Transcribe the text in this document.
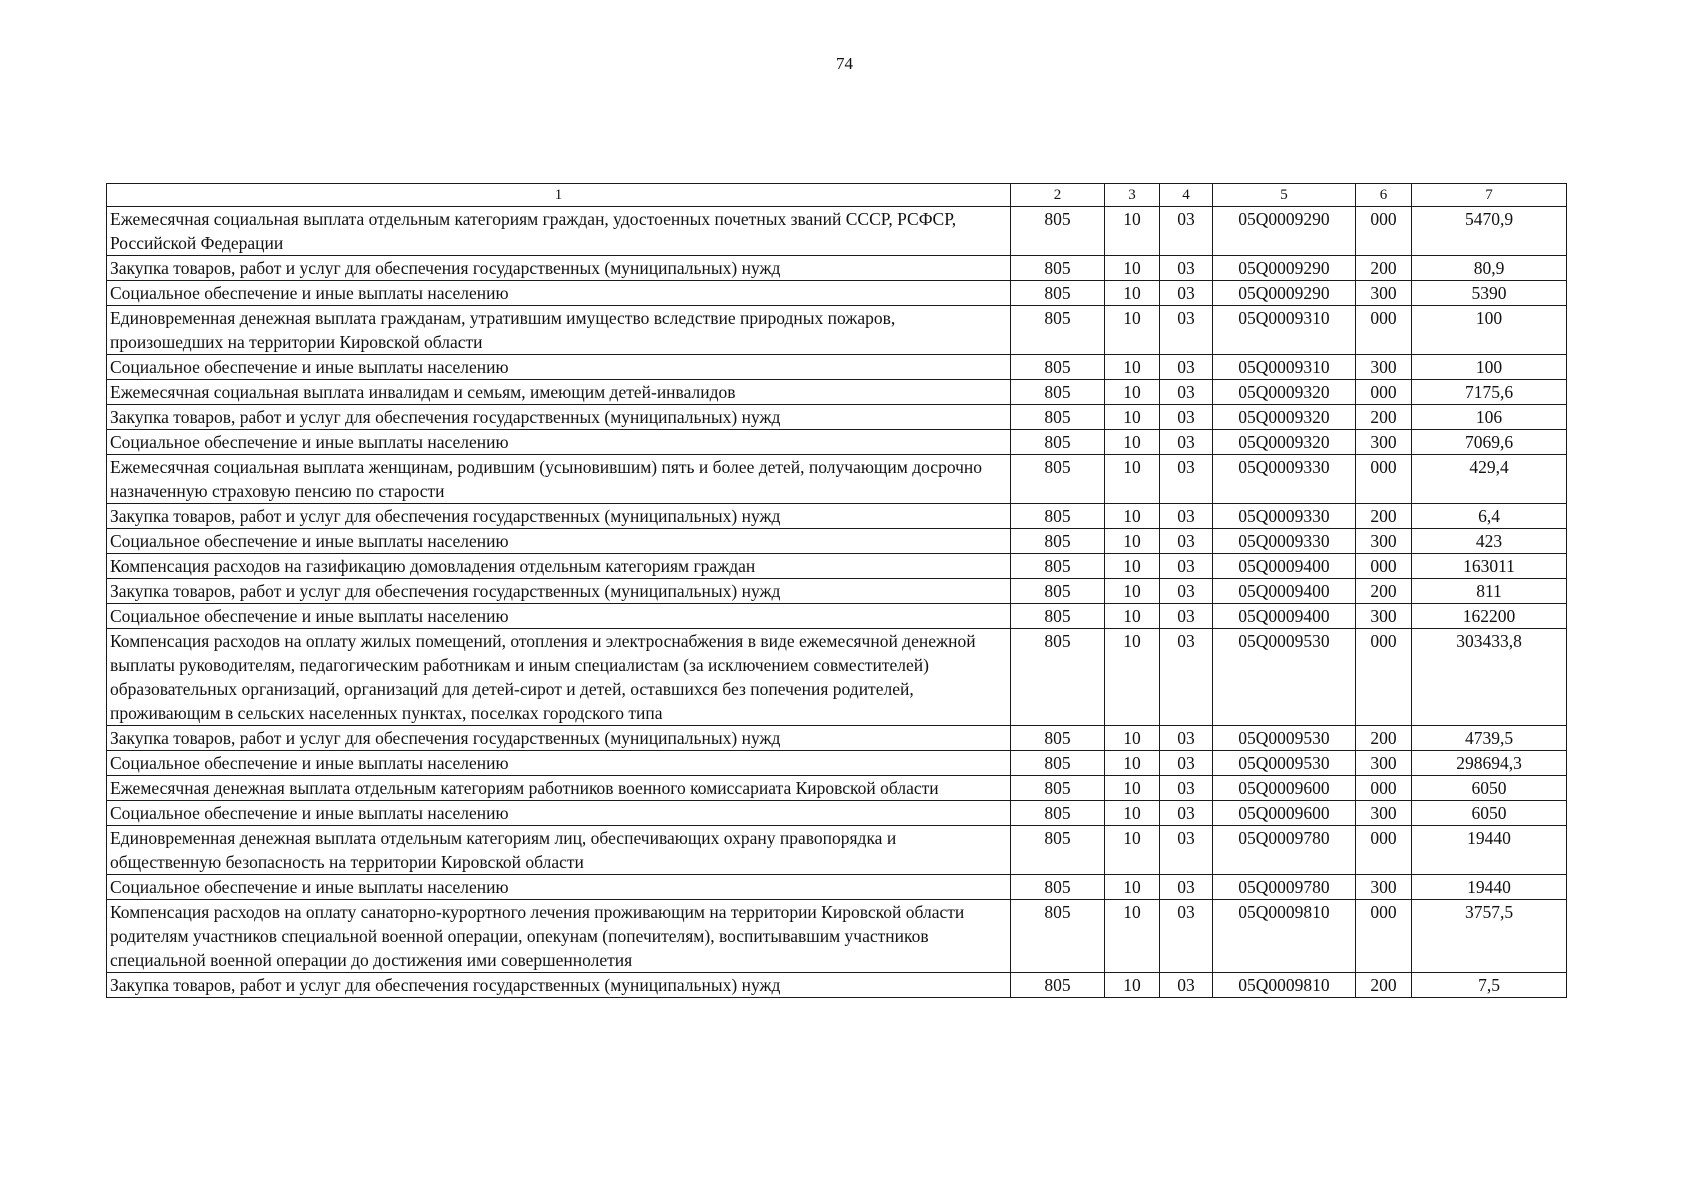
74
1	2	3	4	5	6	7
Ежемесячная социальная выплата отдельным категориям граждан, удостоенных почетных званий СССР, РСФСР, Российской Федерации	805	10	03	05Q0009290	000	5470,9
Закупка товаров, работ и услуг для обеспечения государственных (муниципальных) нужд	805	10	03	05Q0009290	200	80,9
Социальное обеспечение и иные выплаты населению	805	10	03	05Q0009290	300	5390
Единовременная денежная выплата гражданам, утратившим имущество вследствие природных пожаров, произошедших на территории Кировской области	805	10	03	05Q0009310	000	100
Социальное обеспечение и иные выплаты населению	805	10	03	05Q0009310	300	100
Ежемесячная социальная выплата инвалидам и семьям, имеющим детей-инвалидов	805	10	03	05Q0009320	000	7175,6
Закупка товаров, работ и услуг для обеспечения государственных (муниципальных) нужд	805	10	03	05Q0009320	200	106
Социальное обеспечение и иные выплаты населению	805	10	03	05Q0009320	300	7069,6
Ежемесячная социальная выплата женщинам, родившим (усыновившим) пять и более детей, получающим досрочно назначенную страховую пенсию по старости	805	10	03	05Q0009330	000	429,4
Закупка товаров, работ и услуг для обеспечения государственных (муниципальных) нужд	805	10	03	05Q0009330	200	6,4
Социальное обеспечение и иные выплаты населению	805	10	03	05Q0009330	300	423
Компенсация расходов на газификацию домовладения отдельным категориям граждан	805	10	03	05Q0009400	000	163011
Закупка товаров, работ и услуг для обеспечения государственных (муниципальных) нужд	805	10	03	05Q0009400	200	811
Социальное обеспечение и иные выплаты населению	805	10	03	05Q0009400	300	162200
Компенсация расходов на оплату жилых помещений, отопления и электроснабжения в виде ежемесячной денежной выплаты руководителям, педагогическим работникам и иным специалистам (за исключением совместителей) образовательных организаций, организаций для детей-сирот и детей, оставшихся без попечения родителей, проживающим в сельских населенных пунктах, поселках городского типа	805	10	03	05Q0009530	000	303433,8
Закупка товаров, работ и услуг для обеспечения государственных (муниципальных) нужд	805	10	03	05Q0009530	200	4739,5
Социальное обеспечение и иные выплаты населению	805	10	03	05Q0009530	300	298694,3
Ежемесячная денежная выплата отдельным категориям работников военного комиссариата Кировской области	805	10	03	05Q0009600	000	6050
Социальное обеспечение и иные выплаты населению	805	10	03	05Q0009600	300	6050
Единовременная денежная выплата отдельным категориям лиц, обеспечивающих охрану правопорядка и общественную безопасность на территории Кировской области	805	10	03	05Q0009780	000	19440
Социальное обеспечение и иные выплаты населению	805	10	03	05Q0009780	300	19440
Компенсация расходов на оплату санаторно-курортного лечения проживающим на территории Кировской области родителям участников специальной военной операции, опекунам (попечителям), воспитывавшим участников специальной военной операции до достижения ими совершеннолетия	805	10	03	05Q0009810	000	3757,5
Закупка товаров, работ и услуг для обеспечения государственных (муниципальных) нужд	805	10	03	05Q0009810	200	7,5
